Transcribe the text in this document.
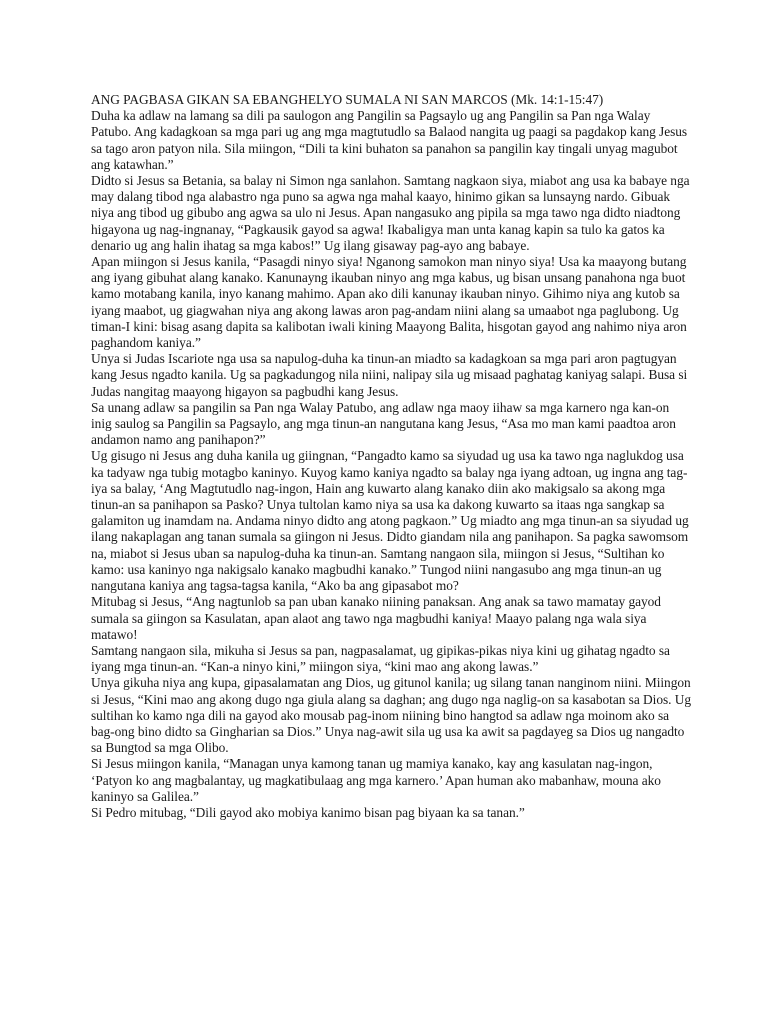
ANG PAGBASA GIKAN SA EBANGHELYO SUMALA NI SAN MARCOS (Mk. 14:1-15:47)

Duha ka adlaw na lamang sa dili pa saulogon ang Pangilin sa Pagsaylo ug ang Pangilin sa Pan nga Walay Patubo. Ang kadagkoan sa mga pari ug ang mga magtutudlo sa Balaod nangita ug paagi sa pagdakop kang Jesus sa tago aron patyon nila. Sila miingon, “Dili ta kini buhaton sa panahon sa pangilin kay tingali unyag magubot ang katawhan.”

Didto si Jesus sa Betania, sa balay ni Simon nga sanlahon. Samtang nagkaon siya, miabot ang usa ka babaye nga may dalang tibod nga alabastro nga puno sa agwa nga mahal kaayo, hinimo gikan sa lunsayng nardo. Gibuak niya ang tibod ug gibubo ang agwa sa ulo ni Jesus. Apan nangasuko ang pipila sa mga tawo nga didto niadtong higayona ug nag-ingnanay, “Pagkausik gayod sa agwa! Ikabaligya man unta kanag kapin sa tulo ka gatos ka denario ug ang halin ihatag sa mga kabos!” Ug ilang gisaway pag-ayo ang babaye.

Apan miingon si Jesus kanila, “Pasagdi ninyo siya! Nganong samokon man ninyo siya! Usa ka maayong butang ang iyang gibuhat alang kanako. Kanunayng ikauban ninyo ang mga kabus, ug bisan unsang panahona nga buot kamo motabang kanila, inyo kanang mahimo. Apan ako dili kanunay ikauban ninyo. Gihimo niya ang kutob sa iyang maabot, ug giagwahan niya ang akong lawas aron pag-andam niini alang sa umaabot nga paglubong. Ug timan-I kini: bisag asang dapita sa kalibotan iwali kining Maayong Balita, hisgotan gayod ang nahimo niya aron paghandom kaniya.”

Unya si Judas Iscariote nga usa sa napulog-duha ka tinun-an miadto sa kadagkoan sa mga pari aron pagtugyan kang Jesus ngadto kanila. Ug sa pagkadungog nila niini, nalipay sila ug misaad paghatag kaniyag salapi. Busa si Judas nangitag maayong higayon sa pagbudhi kang Jesus.

Sa unang adlaw sa pangilin sa Pan nga Walay Patubo, ang adlaw nga maoy iihaw sa mga karnero nga kan-on inig saulog sa Pangilin sa Pagsaylo, ang mga tinun-an nangutana kang Jesus, “Asa mo man kami paadtoa aron andamon namo ang panihapon?”

Ug gisugo ni Jesus ang duha kanila ug giingnan, “Pangadto kamo sa siyudad ug usa ka tawo nga naglukdog usa ka tadyaw nga tubig motagbo kaninyo. Kuyog kamo kaniya ngadto sa balay nga iyang adtoan, ug ingna ang tag-iya sa balay, ‘Ang Magtutudlo nag-ingon, Hain ang kuwarto alang kanako diin ako makigsalo sa akong mga tinun-an sa panihapon sa Pasko? Unya tultolan kamo niya sa usa ka dakong kuwarto sa itaas nga sangkap sa galamiton ug inamdam na. Andama ninyo didto ang atong pagkaon.” Ug miadto ang mga tinun-an sa siyudad ug ilang nakaplagan ang tanan sumala sa giingon ni Jesus. Didto giandam nila ang panihapon. Sa pagka sawomsom na, miabot si Jesus uban sa napulog-duha ka tinun-an. Samtang nangaon sila, miingon si Jesus, “Sultihan ko kamo: usa kaninyo nga nakigsalo kanako magbudhi kanako.” Tungod niini nangasubo ang mga tinun-an ug nangutana kaniya ang tagsa-tagsa kanila, “Ako ba ang gipasabot mo?

Mitubag si Jesus, “Ang nagtunlob sa pan uban kanako niining panaksan. Ang anak sa tawo mamatay gayod sumala sa giingon sa Kasulatan, apan alaot ang tawo nga magbudhi kaniya! Maayo palang nga wala siya matawo!

Samtang nangaon sila, mikuha si Jesus sa pan, nagpasalamat, ug gipikas-pikas niya kini ug gihatag ngadto sa iyang mga tinun-an. “Kan-a ninyo kini,” miingon siya, “kini mao ang akong lawas.”

Unya gikuha niya ang kupa, gipasalamatan ang Dios, ug gitunol kanila; ug silang tanan nanginom niini. Miingon si Jesus, “Kini mao ang akong dugo nga giula alang sa daghan; ang dugo nga naglig-on sa kasabotan sa Dios. Ug sultihan ko kamo nga dili na gayod ako mousab pag-inom niining bino hangtod sa adlaw nga moinom ako sa bag-ong bino didto sa Gingharian sa Dios.” Unya nag-awit sila ug usa ka awit sa pagdayeg sa Dios ug nangadto sa Bungtod sa mga Olibo.

Si Jesus miingon kanila, “Managan unya kamong tanan ug mamiya kanako, kay ang kasulatan nag-ingon, ‘Patyon ko ang magbalantay, ug magkatibulaag ang mga karnero.’ Apan human ako mabanhaw, mouna ako kaninyo sa Galilea.”

Si Pedro mitubag, “Dili gayod ako mobiya kanimo bisan pag biyaan ka sa tanan.”
